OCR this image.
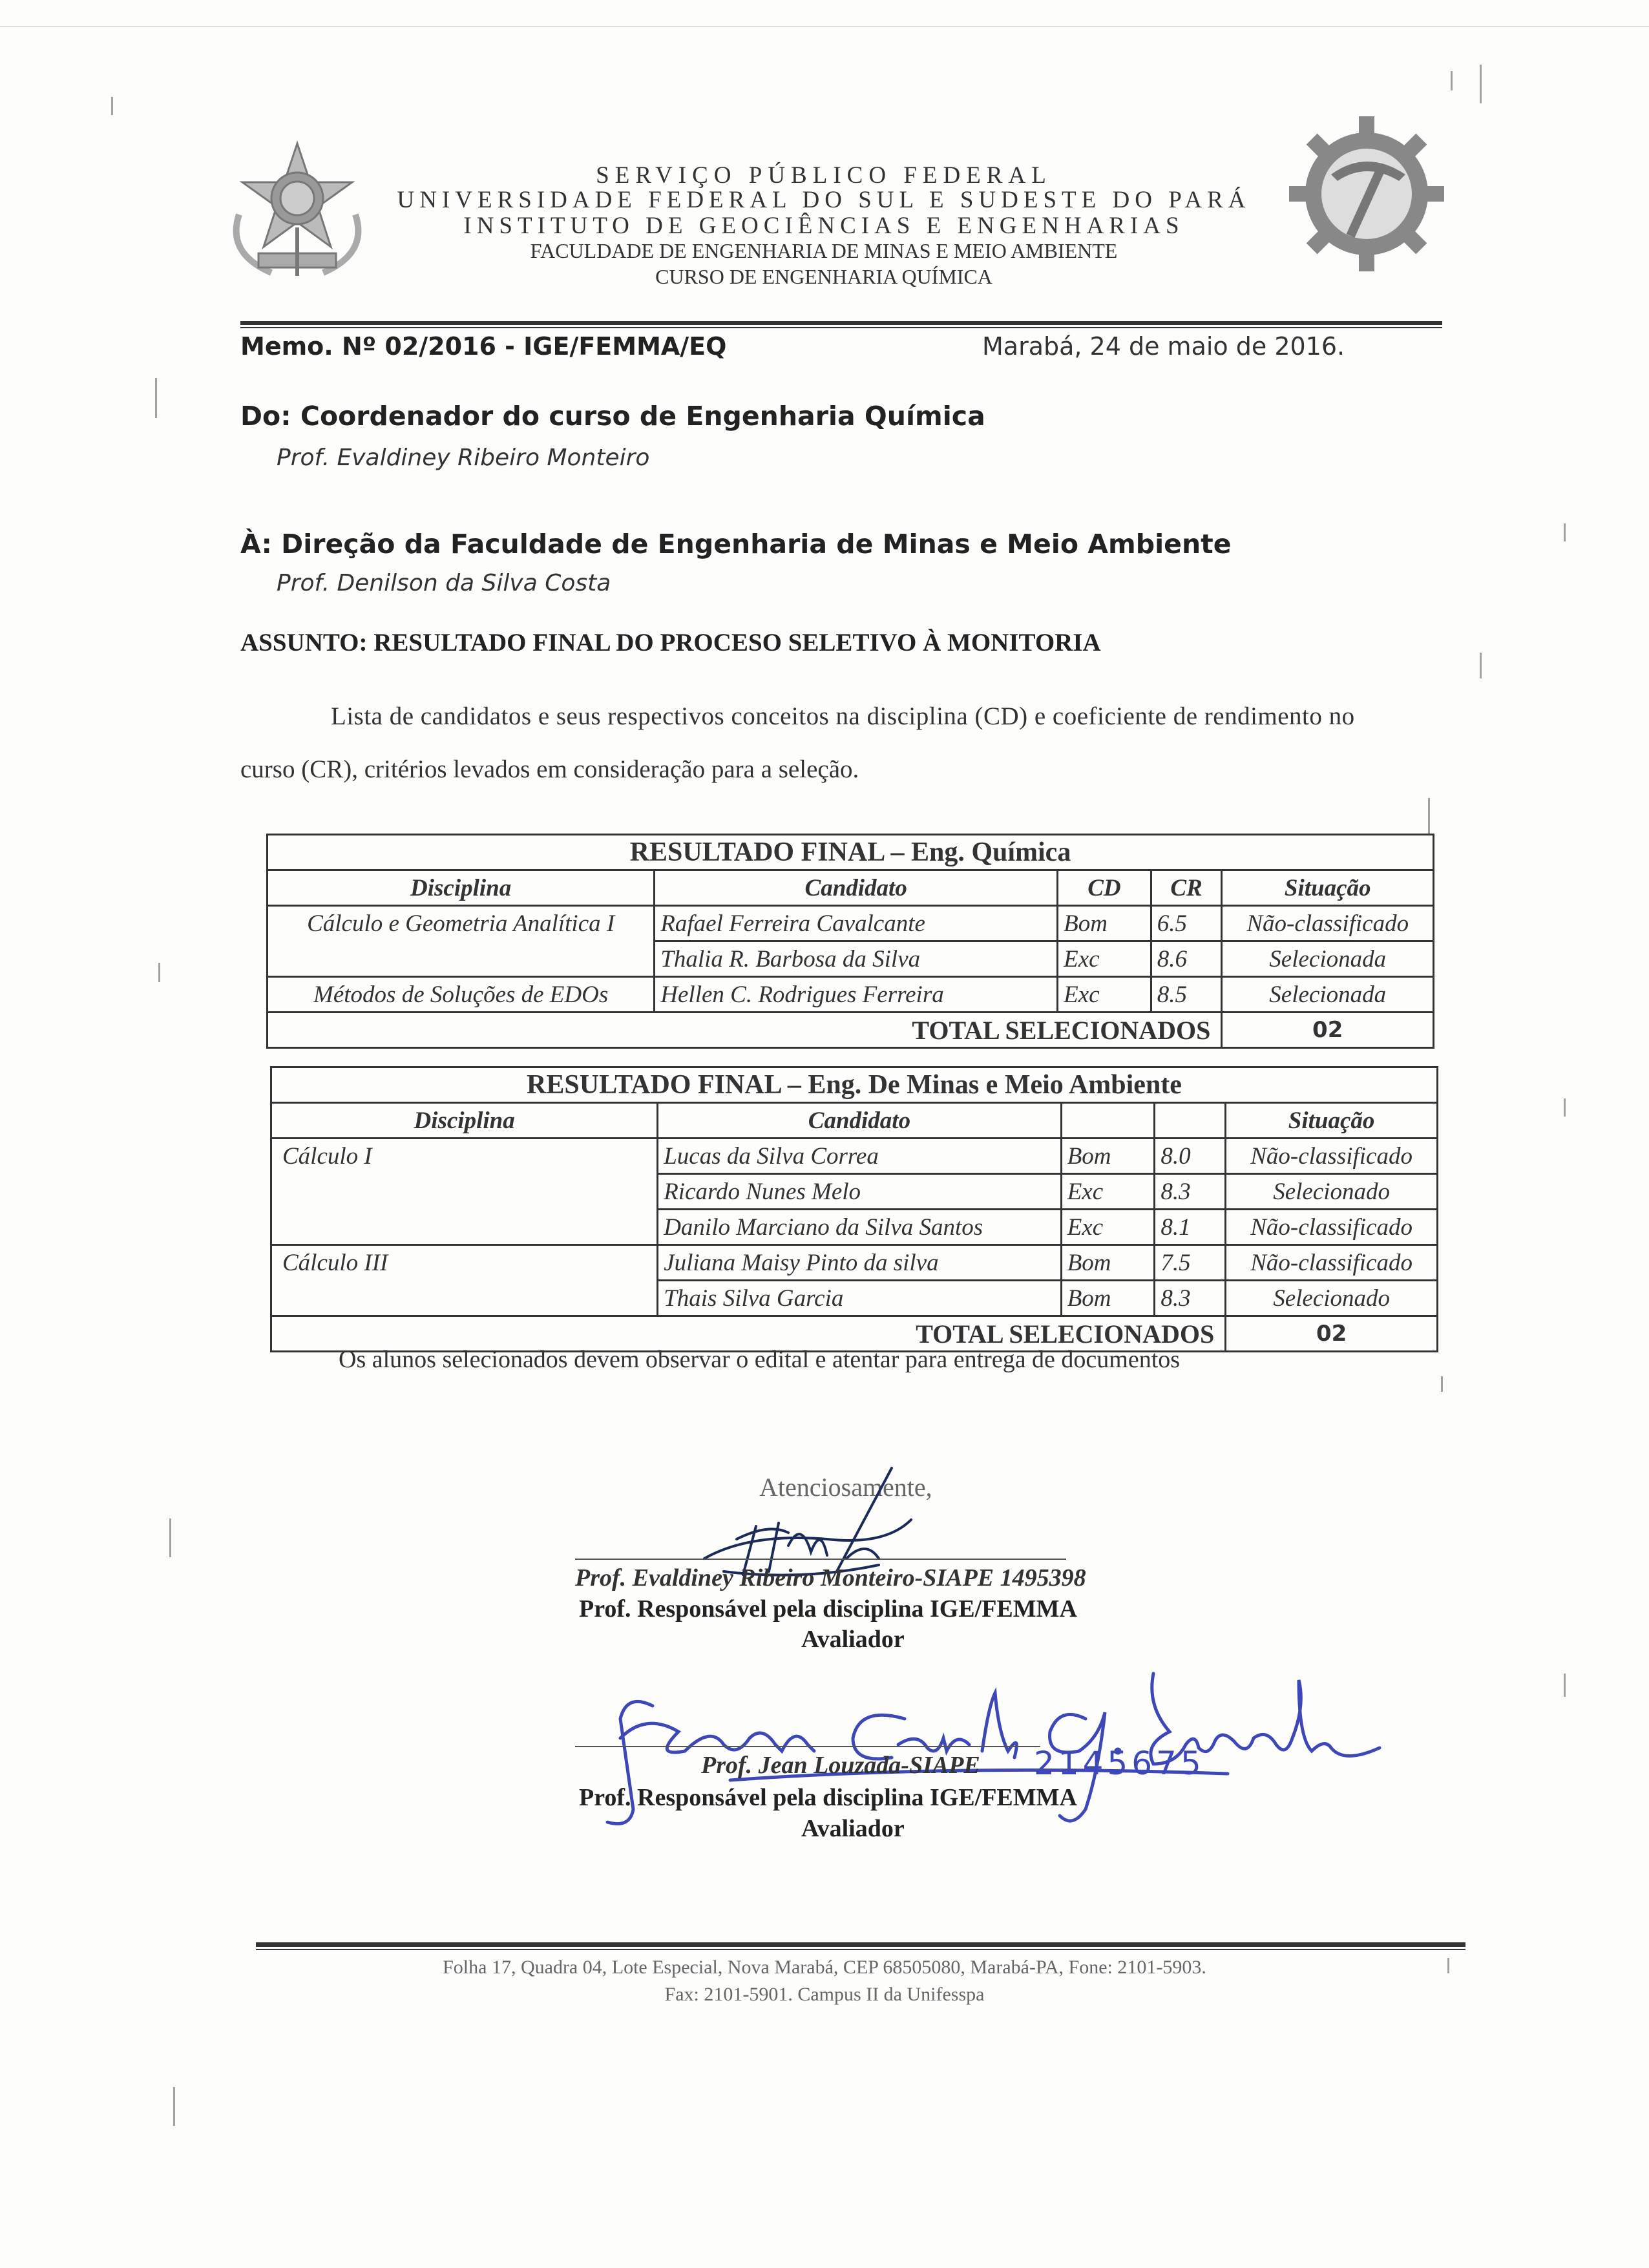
SERVIÇO PÚBLICO FEDERAL
UNIVERSIDADE FEDERAL DO SUL E SUDESTE DO PARÁ
INSTITUTO DE GEOCIÊNCIAS E ENGENHARIAS
FACULDADE DE ENGENHARIA DE MINAS E MEIO AMBIENTE
CURSO DE ENGENHARIA QUÍMICA
Memo. Nº 02/2016 - IGE/FEMMA/EQ	Marabá, 24 de maio de 2016.
Do: Coordenador do curso de Engenharia Química
Prof. Evaldiney Ribeiro Monteiro
À: Direção da Faculdade de Engenharia de Minas e Meio Ambiente
Prof. Denilson da Silva Costa
ASSUNTO: RESULTADO FINAL DO PROCESO SELETIVO À MONITORIA
Lista de candidatos e seus respectivos conceitos na disciplina (CD) e coeficiente de rendimento no
curso (CR), critérios levados em consideração para a seleção.
RESULTADO FINAL – Eng. Química				
Disciplina	Candidato	CD	CR	Situação
Cálculo e Geometria Analítica I	Rafael Ferreira Cavalcante	Bom	6.5	Não-classificado
	Thalia R. Barbosa da Silva	Exc	8.6	Selecionada
Métodos de Soluções de EDOs	Hellen C. Rodrigues Ferreira	Exc	8.5	Selecionada
TOTAL SELECIONADOS				02
RESULTADO FINAL – Eng. De Minas e Meio Ambiente				
Disciplina	Candidato			Situação
Cálculo I	Lucas da Silva Correa	Bom	8.0	Não-classificado
	Ricardo Nunes Melo	Exc	8.3	Selecionado
	Danilo Marciano da Silva Santos	Exc	8.1	Não-classificado
Cálculo III	Juliana Maisy Pinto da silva	Bom	7.5	Não-classificado
	Thais Silva Garcia	Bom	8.3	Selecionado
TOTAL SELECIONADOS				02
Os alunos selecionados devem observar o edital e atentar para entrega de documentos
Atenciosamente,
Prof. Evaldiney Ribeiro Monteiro-SIAPE 1495398
Prof. Responsável pela disciplina IGE/FEMMA
Avaliador
Prof. Jean Louzada-SIAPE 2145675
Prof. Responsável pela disciplina IGE/FEMMA
Avaliador
Folha 17, Quadra 04, Lote Especial, Nova Marabá, CEP 68505080, Marabá-PA, Fone: 2101-5903.
Fax: 2101-5901. Campus II da Unifesspa
